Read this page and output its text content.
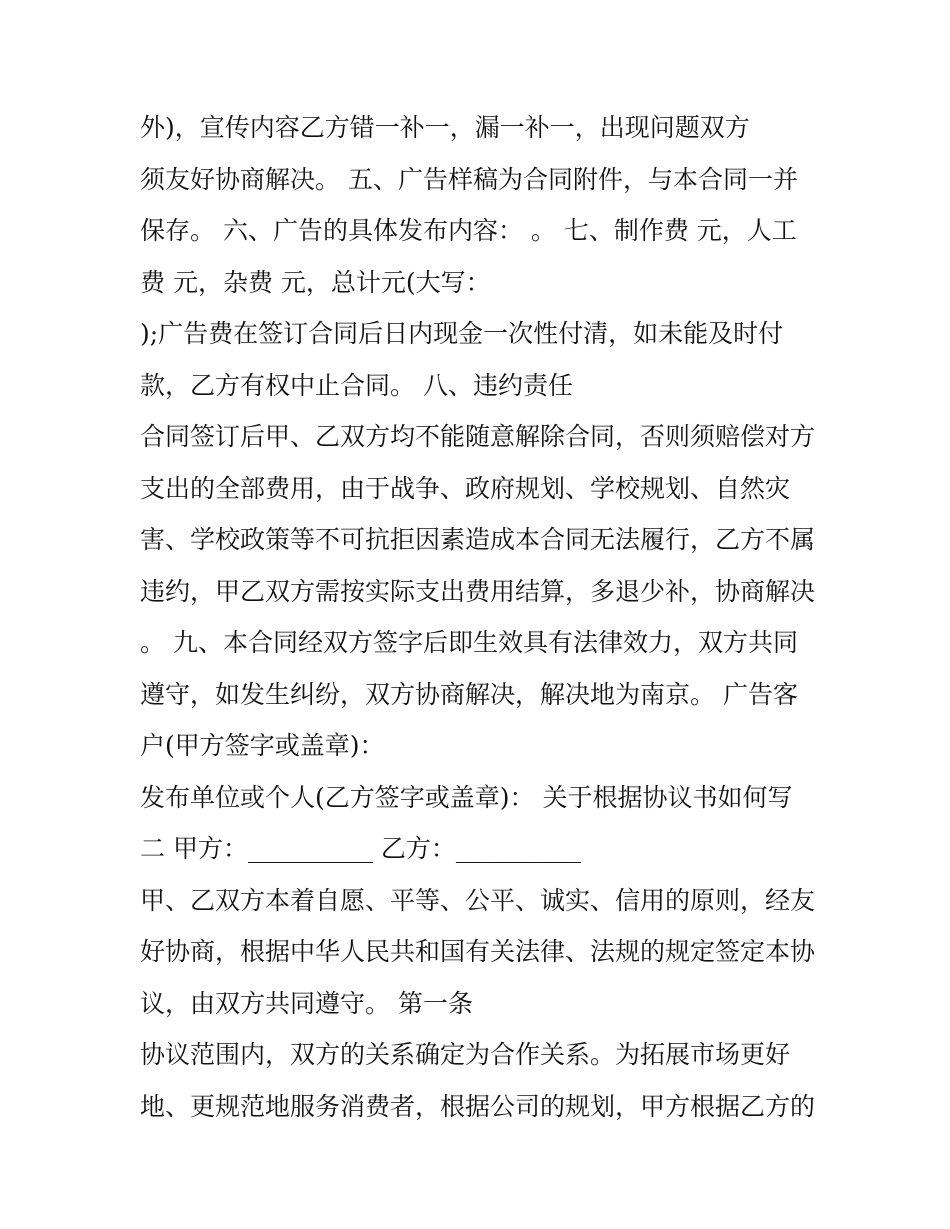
外)，宣传内容乙方错一补一，漏一补一，出现问题双方
须友好协商解决。 五、广告样稿为合同附件，与本合同一并
保存。 六、广告的具体发布内容： 。 七、制作费 元，人工
费 元，杂费 元，总计元(大写：
);广告费在签订合同后日内现金一次性付清，如未能及时付
款，乙方有权中止合同。 八、违约责任
合同签订后甲、乙双方均不能随意解除合同，否则须赔偿对方
支出的全部费用，由于战争、政府规划、学校规划、自然灾
害、学校政策等不可抗拒因素造成本合同无法履行，乙方不属
违约，甲乙双方需按实际支出费用结算，多退少补，协商解决
。 九、本合同经双方签字后即生效具有法律效力，双方共同
遵守，如发生纠纷，双方协商解决，解决地为南京。 广告客
户(甲方签字或盖章)：
发布单位或个人(乙方签字或盖章)： 关于根据协议书如何写
二 甲方：__________ 乙方：__________
甲、乙双方本着自愿、平等、公平、诚实、信用的原则，经友
好协商，根据中华人民共和国有关法律、法规的规定签定本协
议，由双方共同遵守。 第一条
协议范围内，双方的关系确定为合作关系。为拓展市场更好
地、更规范地服务消费者，根据公司的规划，甲方根据乙方的
